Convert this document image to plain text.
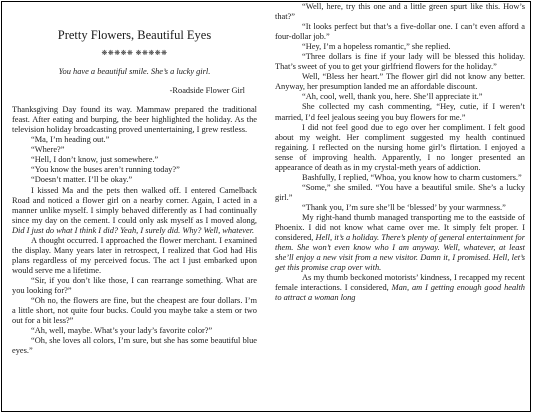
Pretty Flowers, Beautiful Eyes
❋❋❋❋❋ ❋❋❋❋❋
You have a beautiful smile. She’s a lucky girl.
-Roadside Flower Girl

Thanksgiving Day found its way. Mammaw prepared the traditional feast. After eating and burping, the beer highlighted the holiday. As the television holiday broadcasting proved unentertaining, I grew restless.

“Ma, I’m heading out.”

“Where?”

“Hell, I don’t know, just somewhere.”

“You know the buses aren’t running today?”

“Doesn’t matter. I’ll be okay.”

I kissed Ma and the pets then walked off. I entered Camelback Road and noticed a flower girl on a nearby corner. Again, I acted in a manner unlike myself. I simply behaved differently as I had continually since my day on the cement. I could only ask myself as I moved along, Did I just do what I think I did? Yeah, I surely did. Why? Well, whatever.

A thought occurred. I approached the flower merchant. I examined the display. Many years later in retrospect, I realized that God had His plans regardless of my perceived focus. The act I just embarked upon would serve me a lifetime.

“Sir, if you don’t like those, I can rearrange something. What are you looking for?”

“Oh no, the flowers are fine, but the cheapest are four dollars. I’m a little short, not quite four bucks. Could you maybe take a stem or two out for a bit less?”

“Ah, well, maybe. What’s your lady’s favorite color?”

“Oh, she loves all colors, I’m sure, but she has some beautiful blue eyes.”

“Well, here, try this one and a little green spurt like this. How’s that?”

“It looks perfect but that’s a five-dollar one. I can’t even afford a four-dollar job.”

“Hey, I’m a hopeless romantic,” she replied.

“Three dollars is fine if your lady will be blessed this holiday. That’s sweet of you to get your girlfriend flowers for the holiday.”

Well, “Bless her heart.” The flower girl did not know any better. Anyway, her presumption landed me an affordable discount.

“Ah, cool, well, thank you, here. She’ll appreciate it.”

She collected my cash commenting, “Hey, cutie, if I weren’t married, I’d feel jealous seeing you buy flowers for me.”

I did not feel good due to ego over her compliment. I felt good about my weight. Her compliment suggested my health continued regaining. I reflected on the nursing home girl’s flirtation. I enjoyed a sense of improving health. Apparently, I no longer presented an appearance of death as in my crystal-meth years of addiction.

Bashfully, I replied, “Whoa, you know how to charm customers.”

“Some,” she smiled. “You have a beautiful smile. She’s a lucky girl.”

“Thank you, I’m sure she’ll be ‘blessed’ by your warmness.”

My right-hand thumb managed transporting me to the eastside of Phoenix. I did not know what came over me. It simply felt proper. I considered, Hell, it’s a holiday. There’s plenty of general entertainment for them. She won’t even know who I am anyway. Well, whatever, at least she’ll enjoy a new visit from a new visitor. Damn it, I promised. Hell, let’s get this promise crap over with.

As my thumb beckoned motorists’ kindness, I recapped my recent female interactions. I considered, Man, am I getting enough good health to attract a woman long
